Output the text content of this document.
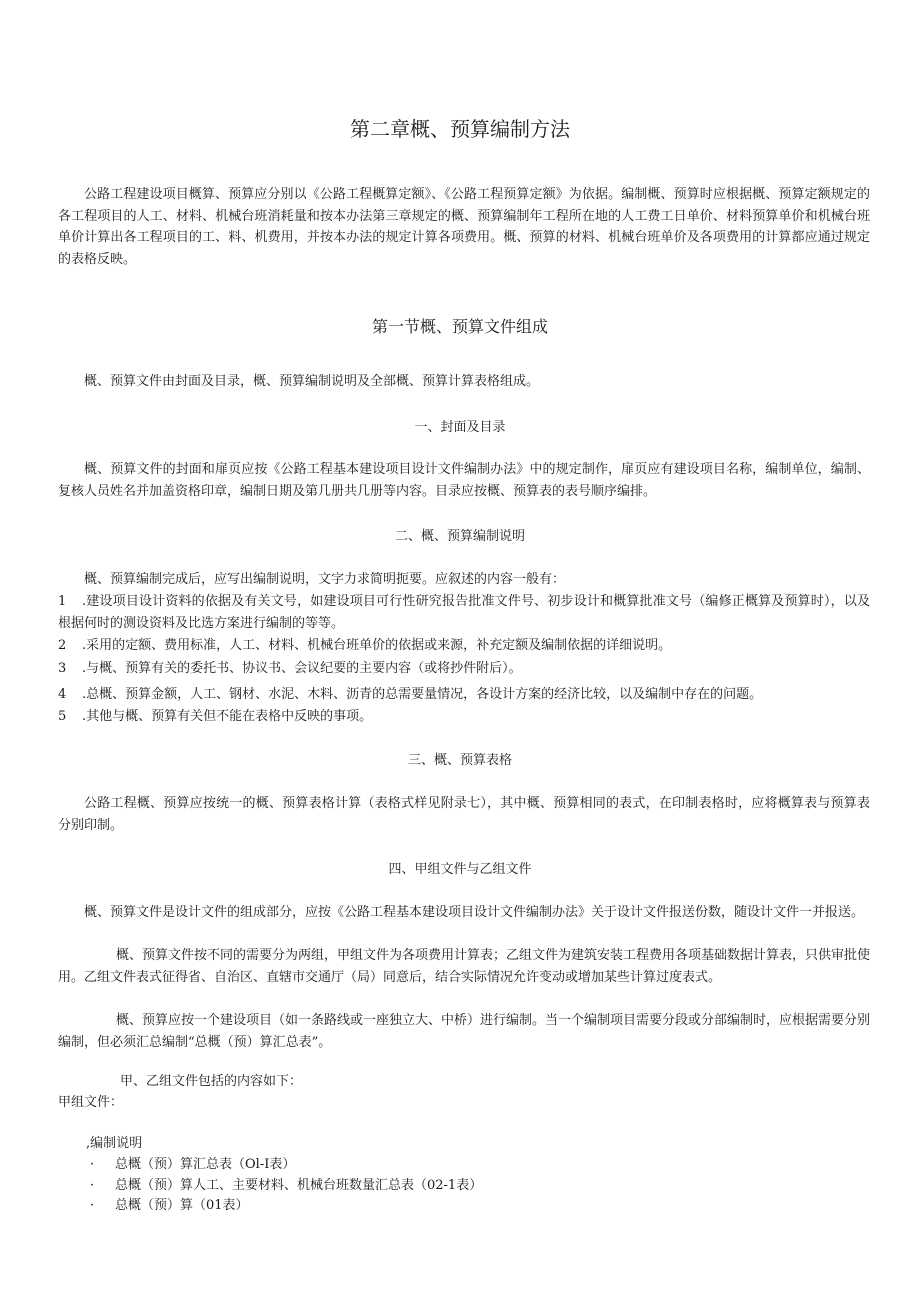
第二章概、预算编制方法
公路工程建设项目概算、预算应分别以《公路工程概算定额》、《公路工程预算定额》为依据。编制概、预算时应根据概、预算定额规定的各工程项目的人工、材料、机械台班消耗量和按本办法第三章规定的概、预算编制年工程所在地的人工费工日单价、材料预算单价和机械台班单价计算出各工程项目的工、料、机费用，并按本办法的规定计算各项费用。概、预算的材料、机械台班单价及各项费用的计算都应通过规定的表格反映。
第一节概、预算文件组成
概、预算文件由封面及目录，概、预算编制说明及全部概、预算计算表格组成。
一、封面及目录
概、预算文件的封面和扉页应按《公路工程基本建设项目设计文件编制办法》中的规定制作，扉页应有建设项目名称，编制单位，编制、复核人员姓名并加盖资格印章，编制日期及第几册共几册等内容。目录应按概、预算表的表号顺序编排。
二、概、预算编制说明
概、预算编制完成后，应写出编制说明，文字力求简明扼要。应叙述的内容一般有：
1 .建设项目设计资料的依据及有关文号，如建设项目可行性研究报告批准文件号、初步设计和概算批准文号（编修正概算及预算时），以及根据何时的测设资料及比选方案进行编制的等等。
2 .采用的定额、费用标准，人工、材料、机械台班单价的依据或来源，补充定额及编制依据的详细说明。
3 .与概、预算有关的委托书、协议书、会议纪要的主要内容（或将抄件附后）。
4 .总概、预算金额，人工、钢材、水泥、木料、沥青的总需要量情况，各设计方案的经济比较，以及编制中存在的问题。
5 .其他与概、预算有关但不能在表格中反映的事项。
三、概、预算表格
公路工程概、预算应按统一的概、预算表格计算（表格式样见附录七），其中概、预算相同的表式，在印制表格时，应将概算表与预算表分别印制。
四、甲组文件与乙组文件
概、预算文件是设计文件的组成部分，应按《公路工程基本建设项目设计文件编制办法》关于设计文件报送份数，随设计文件一并报送。
概、预算文件按不同的需要分为两组，甲组文件为各项费用计算表；乙组文件为建筑安装工程费用各项基础数据计算表，只供审批使用。乙组文件表式征得省、自治区、直辖市交通厅（局）同意后，结合实际情况允许变动或增加某些计算过度表式。
概、预算应按一个建设项目（如一条路线或一座独立大、中桥）进行编制。当一个编制项目需要分段或分部编制时，应根据需要分别编制，但必须汇总编制“总概（预）算汇总表”。
甲、乙组文件包括的内容如下：
甲组文件：
,编制说明
· 总概（预）算汇总表（Ol-I表）
· 总概（预）算人工、主要材料、机械台班数量汇总表（02-1表）
· 总概（预）算（01表）
